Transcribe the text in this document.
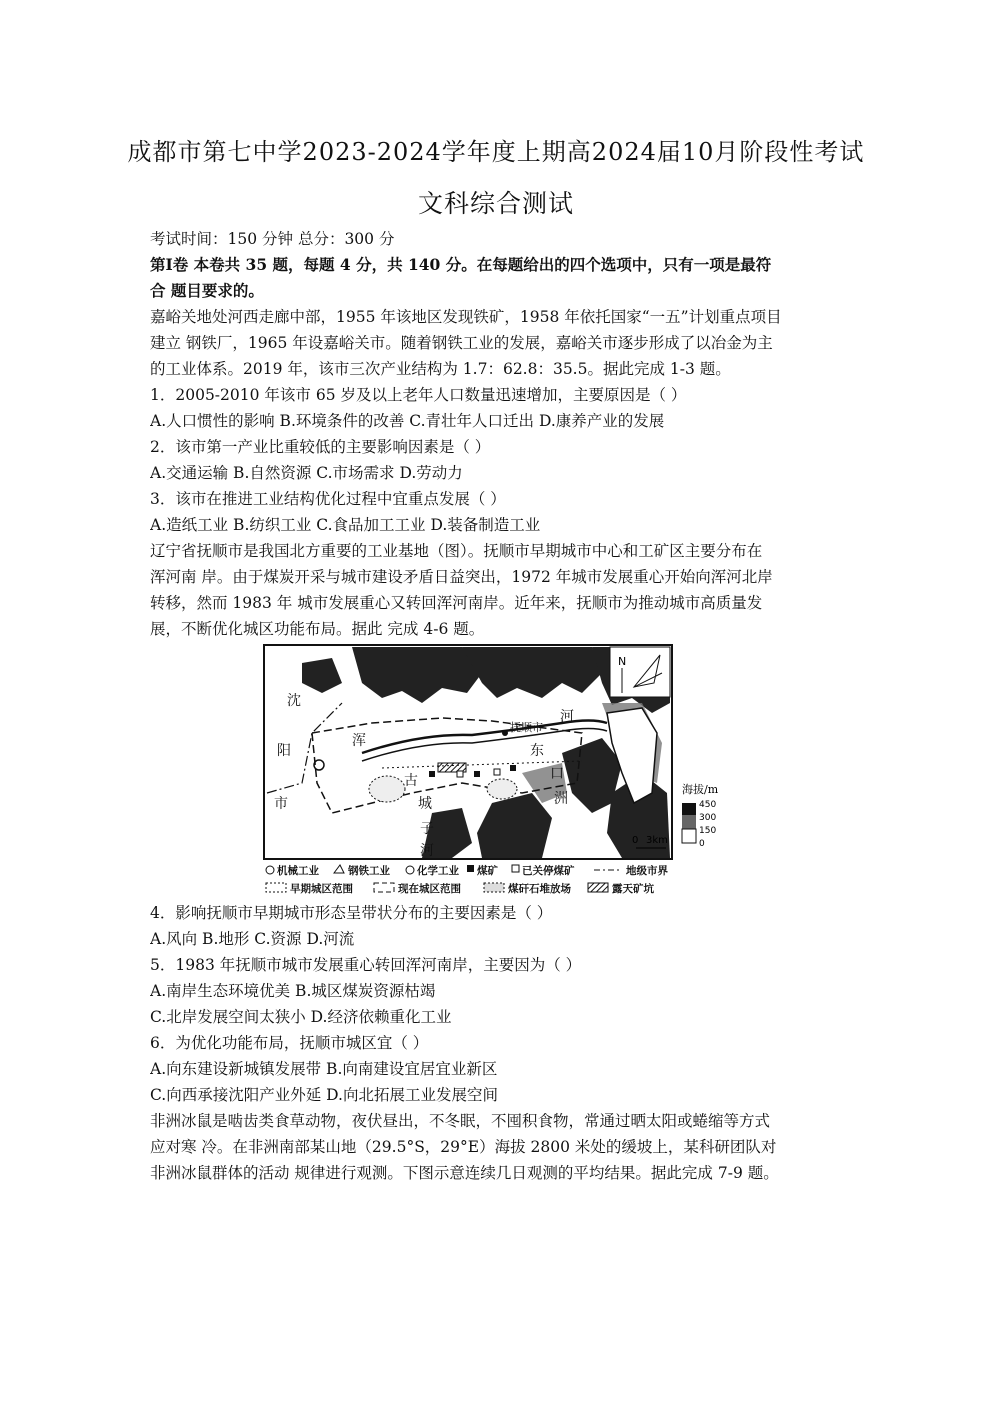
成都市第七中学2023-2024学年度上期高2024届10月阶段性考试
文科综合测试
考试时间：150 分钟 总分：300 分
第Ⅰ卷 本卷共 35 题，每题 4 分，共 140 分。在每题给出的四个选项中，只有一项是最符
合 题目要求的。
嘉峪关地处河西走廊中部，1955 年该地区发现铁矿，1958 年依托国家“一五”计划重点项目
建立 钢铁厂，1965 年设嘉峪关市。随着钢铁工业的发展，嘉峪关市逐步形成了以冶金为主
的工业体系。2019 年，该市三次产业结构为 1.7：62.8：35.5。据此完成 1-3 题。
1．2005-2010 年该市 65 岁及以上老年人口数量迅速增加，主要原因是（ ）
A.人口惯性的影响 B.环境条件的改善 C.青壮年人口迁出 D.康养产业的发展
2．该市第一产业比重较低的主要影响因素是（ ）
A.交通运输 B.自然资源 C.市场需求 D.劳动力
3．该市在推进工业结构优化过程中宜重点发展（ ）
A.造纸工业 B.纺织工业 C.食品加工工业 D.装备制造工业
辽宁省抚顺市是我国北方重要的工业基地（图）。抚顺市早期城市中心和工矿区主要分布在
浑河南 岸。由于煤炭开采与城市建设矛盾日益突出，1972 年城市发展重心开始向浑河北岸
转移，然而 1983 年 城市发展重心又转回浑河南岸。近年来，抚顺市为推动城市高质量发
展，不断优化城区功能布局。据此 完成 4-6 题。
沈
阳
市
浑
河
抚顺市
东
口
洲
古
城
子
河
大
伙
房
水
库
N
海拔/m
450
300
150
0
0 3km
机械工业	钢铁工业	化学工业 煤矿 已关停煤矿	地级市界
早期城区范围	现在城区范围	煤矸石堆放场	露天矿坑
4．影响抚顺市早期城市形态呈带状分布的主要因素是（ ）
A.风向 B.地形 C.资源 D.河流
5．1983 年抚顺市城市发展重心转回浑河南岸，主要因为（ ）
A.南岸生态环境优美 B.城区煤炭资源枯竭
C.北岸发展空间太狭小 D.经济依赖重化工业
6．为优化功能布局，抚顺市城区宜（ ）
A.向东建设新城镇发展带 B.向南建设宜居宜业新区
C.向西承接沈阳产业外延 D.向北拓展工业发展空间
非洲冰鼠是啮齿类食草动物，夜伏昼出，不冬眠，不囤积食物，常通过晒太阳或蜷缩等方式
应对寒 冷。在非洲南部某山地（29.5°S，29°E）海拔 2800 米处的缓坡上，某科研团队对
非洲冰鼠群体的活动 规律进行观测。下图示意连续几日观测的平均结果。据此完成 7-9 题。
